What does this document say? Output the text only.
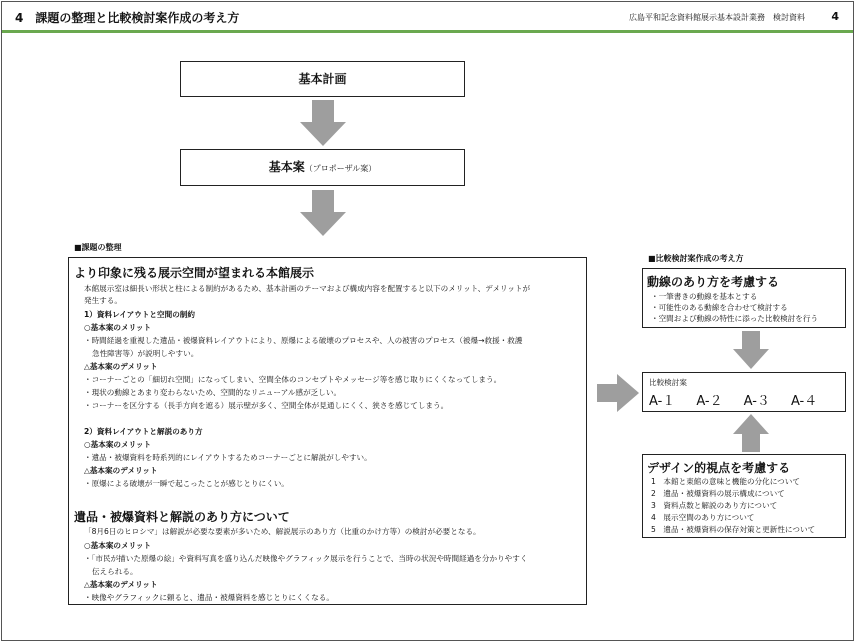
4　課題の整理と比較検討案作成の考え方	広島平和記念資料館展示基本設計業務　検討資料 4
基本計画
基本案（プロポーザル案）
■課題の整理
より印象に残る展示空間が望まれる本館展示
本館展示室は細長い形状と柱による制約があるため、基本計画のテーマおよび構成内容を配置すると以下のメリット、デメリットが
発生する。
1）資料レイアウトと空間の制約
○基本案のメリット
・時間経過を重視した遺品・被爆資料レイアウトにより、原爆による破壊のプロセスや、人の被害のプロセス（被爆→救援・救護
急性障害等）が説明しやすい。
△基本案のデメリット
・コーナーごとの「細切れ空間」になってしまい、空間全体のコンセプトやメッセージ等を感じ取りにくくなってしまう。
・現状の動線とあまり変わらないため、空間的なリニューアル感が乏しい。
・コーナーを区分する（長手方向を遮る）展示壁が多く、空間全体が見通しにくく、狭さを感じてしまう。
2）資料レイアウトと解説のあり方
○基本案のメリット
・遺品・被爆資料を時系列的にレイアウトするためコーナーごとに解説がしやすい。
△基本案のデメリット
・原爆による破壊が一瞬で起こったことが感じとりにくい。
遺品・被爆資料と解説のあり方について
「8月6日のヒロシマ」は解説が必要な要素が多いため、解説展示のあり方（比重のかけ方等）の検討が必要となる。
○基本案のメリット
・「市民が描いた原爆の絵」や資料写真を盛り込んだ映像やグラフィック展示を行うことで、当時の状況や時間経過を分かりやすく
伝えられる。
△基本案のデメリット
・映像やグラフィックに頼ると、遺品・被爆資料を感じとりにくくなる。
■比較検討案作成の考え方
動線のあり方を考慮する
・一筆書きの動線を基本とする
・可能性のある動線を合わせて検討する
・空間および動線の特性に添った比較検討を行う
比較検討案
A-１ A-２ A-３ A-４
デザイン的視点を考慮する
1　本館と東館の意味と機能の分化について
2　遺品・被爆資料の展示構成について
3　資料点数と解説のあり方について
4　展示空間のあり方について
5　遺品・被爆資料の保存対策と更新性について
